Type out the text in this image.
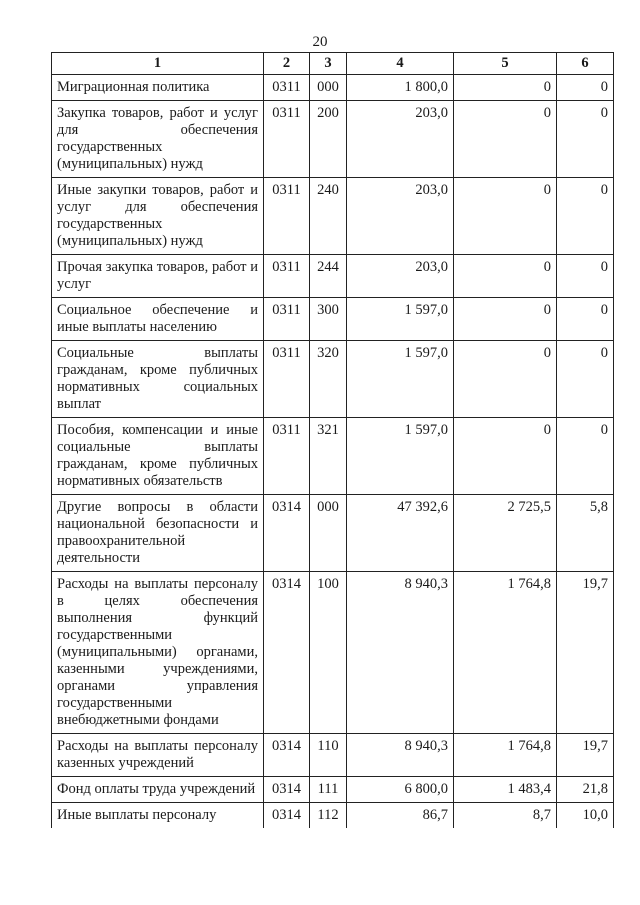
20
1	2	3	4	5	6
Миграционная политика	0311	000	1 800,0	0	0
Закупка товаров, работ и услуг для обеспечения государственных (муниципальных) нужд	0311	200	203,0	0	0
Иные закупки товаров, работ и услуг для обеспечения государственных (муниципальных) нужд	0311	240	203,0	0	0
Прочая закупка товаров, работ и услуг	0311	244	203,0	0	0
Социальное обеспечение и иные выплаты населению	0311	300	1 597,0	0	0
Социальные выплаты гражданам, кроме публичных нормативных социальных выплат	0311	320	1 597,0	0	0
Пособия, компенсации и иные социальные выплаты гражданам, кроме публичных нормативных обязательств	0311	321	1 597,0	0	0
Другие вопросы в области национальной безопасности и правоохранительной деятельности	0314	000	47 392,6	2 725,5	5,8
Расходы на выплаты персоналу в целях обеспечения выполнения функций государственными (муниципальными) органами, казенными учреждениями, органами управления государственными внебюджетными фондами	0314	100	8 940,3	1 764,8	19,7
Расходы на выплаты персоналу казенных учреждений	0314	110	8 940,3	1 764,8	19,7
Фонд оплаты труда учреждений	0314	111	6 800,0	1 483,4	21,8
Иные выплаты персоналу	0314	112	86,7	8,7	10,0
